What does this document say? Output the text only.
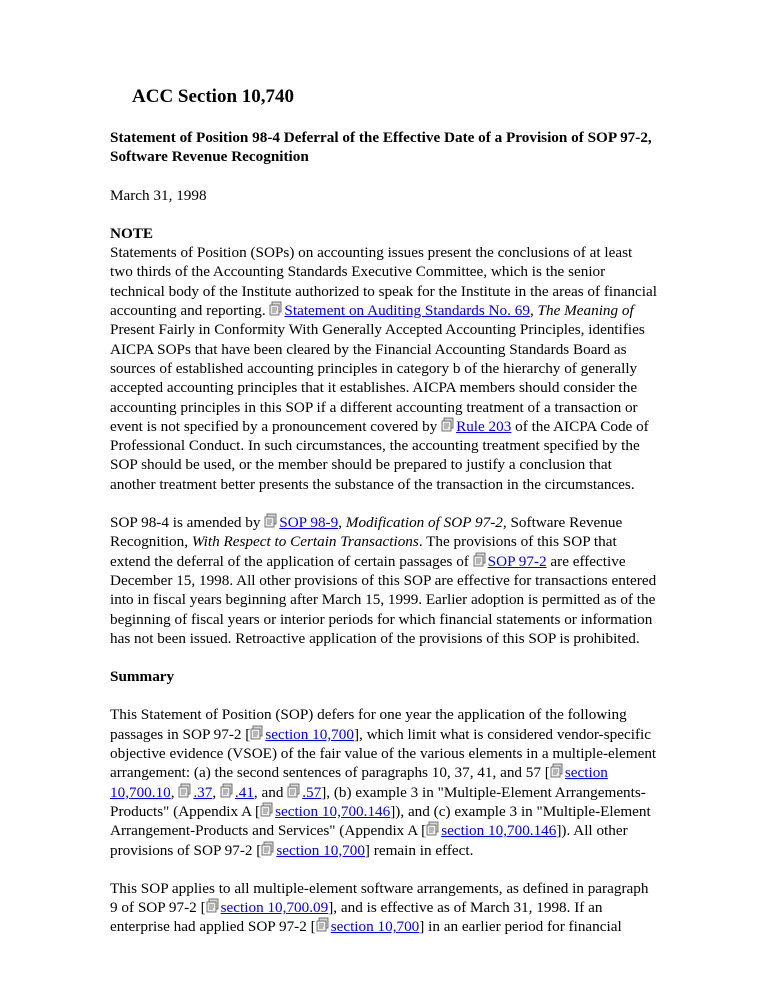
ACC Section 10,740

Statement of Position 98-4 Deferral of the Effective Date of a Provision of SOP 97-2, Software Revenue Recognition

March 31, 1998

NOTE
Statements of Position (SOPs) on accounting issues present the conclusions of at least two thirds of the Accounting Standards Executive Committee, which is the senior technical body of the Institute authorized to speak for the Institute in the areas of financial accounting and reporting.
Statement on Auditing Standards No. 69, The Meaning of Present Fairly in Conformity With Generally Accepted Accounting Principles, identifies AICPA SOPs that have been cleared by the Financial Accounting Standards Board as sources of established accounting principles in category b of the hierarchy of generally accepted accounting principles that it establishes. AICPA members should consider the accounting principles in this SOP if a different accounting treatment of a transaction or event is not specified by a pronouncement covered by
Rule 203 of the AICPA Code of Professional Conduct. In such circumstances, the accounting treatment specified by the SOP should be used, or the member should be prepared to justify a conclusion that another treatment better presents the substance of the transaction in the circumstances.

SOP 98-4 is amended by
SOP 98-9, Modification of SOP 97-2, Software Revenue Recognition, With Respect to Certain Transactions. The provisions of this SOP that extend the deferral of the application of certain passages of
SOP 97-2 are effective December 15, 1998. All other provisions of this SOP are effective for transactions entered into in fiscal years beginning after March 15, 1999. Earlier adoption is permitted as of the beginning of fiscal years or interior periods for which financial statements or information has not been issued. Retroactive application of the provisions of this SOP is prohibited.

Summary

This Statement of Position (SOP) defers for one year the application of the following passages in SOP 97-2 [ section 10,700], which limit what is considered vendor-specific objective evidence (VSOE) of the fair value of the various elements in a multiple-element arrangement: (a) the second sentences of paragraphs 10, 37, 41, and 57 [ section 10,700.10,
.37,
.41, and
.57], (b) example 3 in "Multiple-Element Arrangements-Products" (Appendix A [ section 10,700.146]), and (c) example 3 in "Multiple-Element Arrangement-Products and Services" (Appendix A [ section 10,700.146]). All other provisions of SOP 97-2 [ section 10,700] remain in effect.

This SOP applies to all multiple-element software arrangements, as defined in paragraph 9 of SOP 97-2 [ section 10,700.09], and is effective as of March 31, 1998. If an enterprise had applied SOP 97-2 [ section 10,700] in an earlier period for financial
